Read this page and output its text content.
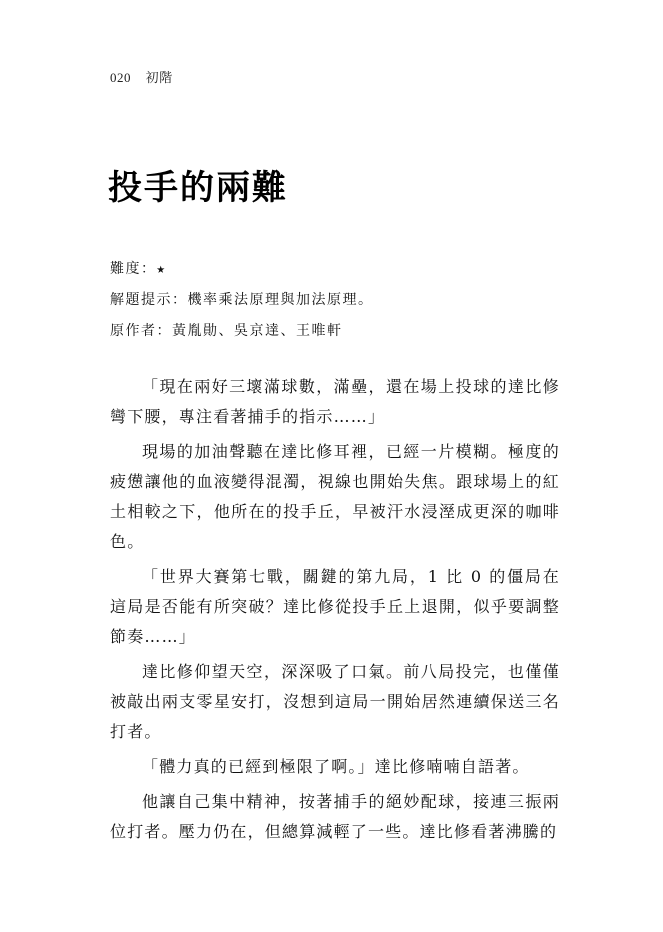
020 初階
投手的兩難
難度：★
解題提示：機率乘法原理與加法原理。
原作者：黃胤勛、吳京達、王唯軒

「現在兩好三壞滿球數，滿壘，還在場上投球的達比修彎下腰，專注看著捕手的指示……」

現場的加油聲聽在達比修耳裡，已經一片模糊。極度的疲憊讓他的血液變得混濁，視線也開始失焦。跟球場上的紅土相較之下，他所在的投手丘，早被汗水浸溼成更深的咖啡色。

「世界大賽第七戰，關鍵的第九局，1 比 0 的僵局在這局是否能有所突破？達比修從投手丘上退開，似乎要調整節奏……」

達比修仰望天空，深深吸了口氣。前八局投完，也僅僅被敲出兩支零星安打，沒想到這局一開始居然連續保送三名打者。

「體力真的已經到極限了啊。」達比修喃喃自語著。

他讓自己集中精神，按著捕手的絕妙配球，接連三振兩位打者。壓力仍在，但總算減輕了一些。達比修看著沸騰的
